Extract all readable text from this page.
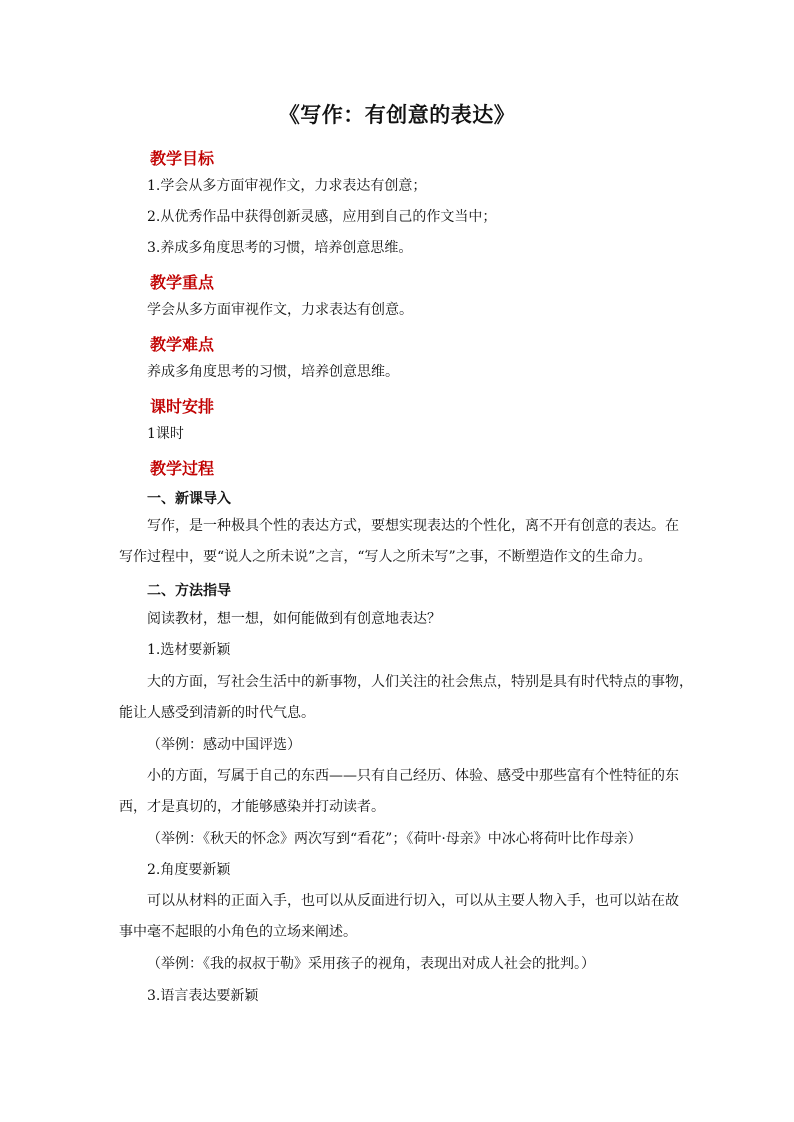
《写作：有创意的表达》
教学目标
1.学会从多方面审视作文，力求表达有创意；
2.从优秀作品中获得创新灵感，应用到自己的作文当中；
3.养成多角度思考的习惯，培养创意思维。
教学重点
学会从多方面审视作文，力求表达有创意。
教学难点
养成多角度思考的习惯，培养创意思维。
课时安排
1课时
教学过程
一、新课导入
写作，是一种极具个性的表达方式，要想实现表达的个性化，离不开有创意的表达。在
写作过程中，要“说人之所未说”之言，“写人之所未写”之事，不断塑造作文的生命力。
二、方法指导
阅读教材，想一想，如何能做到有创意地表达？
1.选材要新颖
大的方面，写社会生活中的新事物，人们关注的社会焦点，特别是具有时代特点的事物，
能让人感受到清新的时代气息。
（举例：感动中国评选）
小的方面，写属于自己的东西——只有自己经历、体验、感受中那些富有个性特征的东
西，才是真切的，才能够感染并打动读者。
（举例：《秋天的怀念》两次写到“看花”；《荷叶·母亲》中冰心将荷叶比作母亲）
2.角度要新颖
可以从材料的正面入手，也可以从反面进行切入，可以从主要人物入手，也可以站在故
事中毫不起眼的小角色的立场来阐述。
（举例：《我的叔叔于勒》采用孩子的视角，表现出对成人社会的批判。）
3.语言表达要新颖
